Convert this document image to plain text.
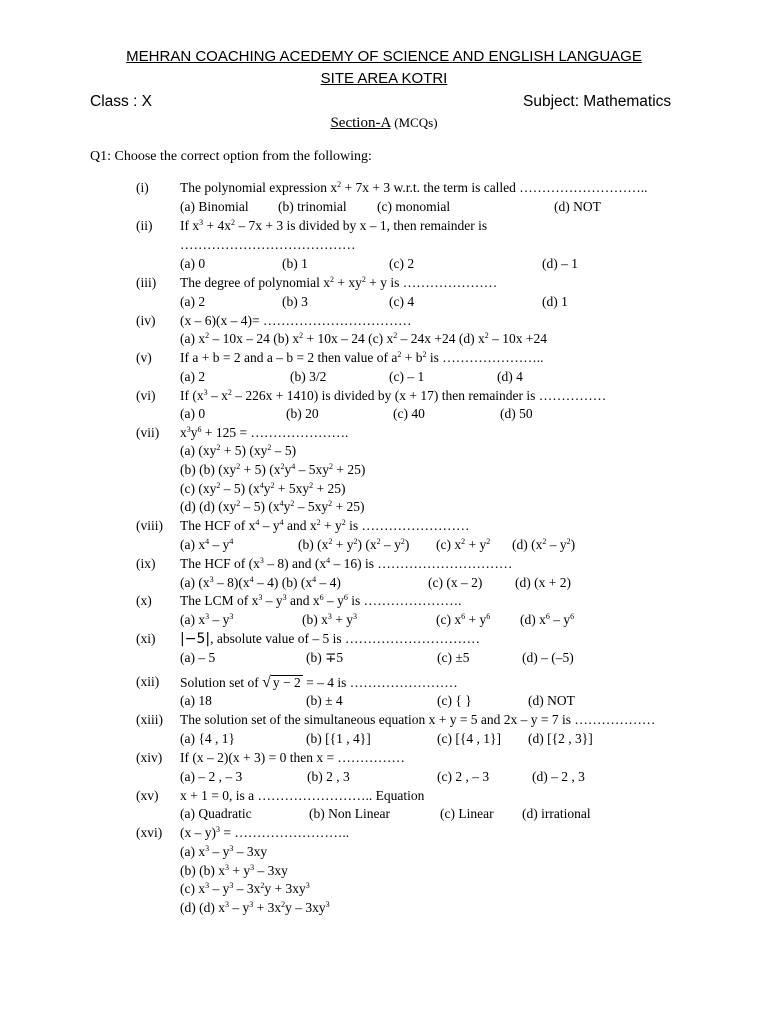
MEHRAN COACHING ACEDEMY OF SCIENCE AND ENGLISH LANGUAGE
SITE AREA KOTRI
Class : X	Subject: Mathematics
Section-A (MCQs)
Q1: Choose the correct option from the following:
(i) The polynomial expression $x^2 + 7x + 3$ w.r.t. the term is called ………………………..
(a) Binomial (b) trinomial (c) monomial	(d) NOT
(ii) If $x^3 + 4x^2 - 7x + 3$ is divided by x – 1, then remainder is
…………………………………
(a) 0	(b) 1	(c) 2	(d) – 1
(iii) The degree of polynomial $x^2 + xy^2 + y$ is …………………
(a) 2	(b) 3	(c) 4	(d) 1
(iv) (x – 6)(x – 4)= ……………………………
(a) $x^2 - 10x - 24$ (b) $x^2 + 10x - 24$ (c) $x^2 - 24x +24$ (d) $x^2 - 10x +24$
(v) If a + b = 2 and a – b = 2 then value of $a^2 + b^2$ is …………………..
(a) 2	(b) 3/2	(c) – 1	(d) 4
(vi) If $(x^3 - x^2 - 226x + 1410)$ is divided by (x + 17) then remainder is ……………
(a) 0	(b) 20	(c) 40	(d) 50
(vii) $x^3y^6 + 125$ = ………………….
(a) $(xy^2 + 5)$ $(xy^2 - 5)$
(b) (b) $(xy^2 + 5)$ $(x^2y^4 - 5xy^2 + 25)$
(c) $(xy^2 - 5) (x^4y^2 + 5xy^2 + 25)$
(d) (d) $(xy^2 - 5)$ $(x^4y^2 - 5xy^2 + 25)$
(viii) The HCF of $x^4 - y^4$ and $x^2 + y^2$ is ……………………
(a) $x^4 - y^4$	(b) $(x^2 + y^2)$ $(x^2 - y^2)$ (c) $x^2 + y^2$ (d) $(x^2 - y^2)$
(ix) The HCF of $(x^3 - 8)$ and $(x^4 - 16)$ is …………………………
(a) $(x^3 - 8)(x^4 - 4)$ (b) $(x^4 - 4)$	(c) (x – 2) (d) (x + 2)
(x) The LCM of $x^3 - y^3$ and $x^6 - y^6$ is ………………….
(a) $x^3 - y^3$	(b) $x^3 + y^3$	(c) $x^6 + y^6$ (d) $x^6 - y^6$
(xi) |−5|, absolute value of – 5 is …………………………
(a) – 5	(b) ∓5	(c) ±5	(d) – (–5)
(xii) Solution set of √ y − 2 = – 4 is ……………………
(a) 18	(b) ± 4	(c) { }	(d) NOT
(xiii) The solution set of the simultaneous equation x + y = 5 and 2x – y = 7 is ………………
(a) {4 , 1}	(b) [{1 , 4}]	(c) [{4 , 1}] (d) [{2 , 3}]
(xiv) If (x – 2)(x + 3) = 0 then x = ……………
(a) – 2 , – 3	(b) 2 , 3	(c) 2 , – 3	(d) – 2 , 3
(xv) x + 1 = 0, is a …………………….. Equation
(a) Quadratic	(b) Non Linear	(c) Linear (d) irrational
(xvi) (x – y)$^3$ = ……………………..
(a) $x^3 - y^3 - 3xy$
(b) (b) $x^3 + y^3 - 3xy$
(c) $x^3 - y^3 - 3x^2y + 3xy^3$
(d) (d) $x^3 - y^3 + 3x^2y - 3xy^3$
